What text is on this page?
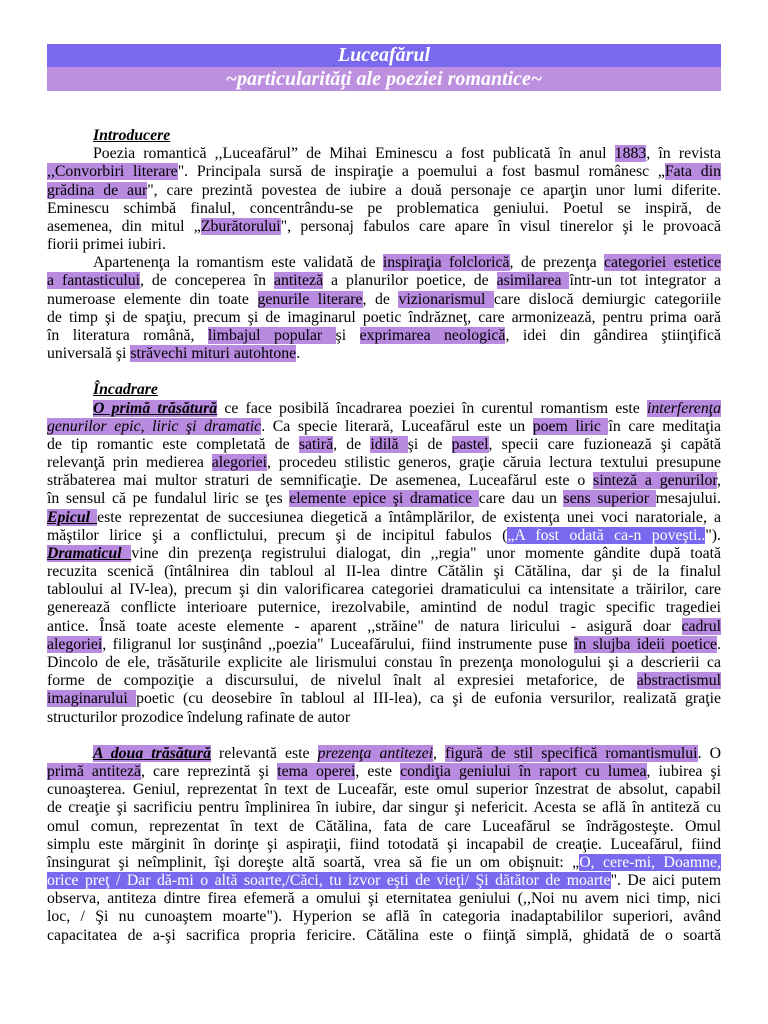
Luceafărul
~particularităţi ale poeziei romantice~
Introducere
Poezia romantică ,,Luceafărul” de Mihai Eminescu a fost publicată în anul 1883, în revista
,,Convorbiri literare". Principala sursă de inspiraţie a poemului a fost basmul românesc „Fata din
grădina de aur", care prezintă povestea de iubire a două personaje ce aparţin unor lumi diferite.
Eminescu schimbă finalul, concentrându-se pe problematica geniului. Poetul se inspiră, de
asemenea, din mitul „Zburătorului", personaj fabulos care apare în visul tinerelor şi le provoacă
fiorii primei iubiri.
Apartenenţa la romantism este validată de inspiraţia folclorică, de prezenţa categoriei estetice
a fantasticului, de conceperea în antiteză a planurilor poetice, de asimilarea într-un tot integrator a
numeroase elemente din toate genurile literare, de vizionarismul care dislocă demiurgic categoriile
de timp şi de spaţiu, precum şi de imaginarul poetic îndrăzneţ, care armonizează, pentru prima oară
în literatura română, limbajul popular şi exprimarea neologică, idei din gândirea ştiinţifică
universală şi străvechi mituri autohtone.
Încadrare
O primă trăsătură ce face posibilă încadrarea poeziei în curentul romantism este interferenţa
genurilor epic, liric şi dramatic. Ca specie literară, Luceafărul este un poem liric în care meditaţia
de tip romantic este completată de satiră, de idilă şi de pastel, specii care fuzionează şi capătă
relevanţă prin medierea alegoriei, procedeu stilistic generos, graţie căruia lectura textului presupune
străbaterea mai multor straturi de semnificaţie. De asemenea, Luceafărul este o sinteză a genurilor,
în sensul că pe fundalul liric se ţes elemente epice şi dramatice care dau un sens superior mesajului.
Epicul este reprezentat de succesiunea diegetică a întâmplărilor, de existenţa unei voci naratoriale, a
măştilor lirice şi a conflictului, precum şi de incipitul fabulos („A fost odată ca-n poveşti..").
Dramaticul vine din prezenţa registrului dialogat, din ,,regia" unor momente gândite după toată
recuzita scenică (întâlnirea din tabloul al II-lea dintre Cătălin şi Cătălina, dar şi de la finalul
tabloului al IV-lea), precum şi din valorificarea categoriei dramaticului ca intensitate a trăirilor, care
generează conflicte interioare puternice, irezolvabile, amintind de nodul tragic specific tragediei
antice. Însă toate aceste elemente - aparent ,,străine" de natura liricului - asigură doar cadrul
alegoriei, filigranul lor susţinând ,,poezia" Luceafărului, fiind instrumente puse în slujba ideii poetice.
Dincolo de ele, trăsăturile explicite ale lirismului constau în prezenţa monologului şi a descrierii ca
forme de compoziţie a discursului, de nivelul înalt al expresiei metaforice, de abstractismul
imaginarului poetic (cu deosebire în tabloul al III-lea), ca şi de eufonia versurilor, realizată graţie
structurilor prozodice îndelung rafinate de autor
A doua trăsătură relevantă este prezenţa antitezei, figură de stil specifică romantismului. O
primă antiteză, care reprezintă şi tema operei, este condiţia geniului în raport cu lumea, iubirea şi
cunoaşterea. Geniul, reprezentat în text de Luceafăr, este omul superior înzestrat de absolut, capabil
de creaţie şi sacrificiu pentru împlinirea în iubire, dar singur şi nefericit. Acesta se află în antiteză cu
omul comun, reprezentat în text de Cătălina, fata de care Luceafărul se îndrăgosteşte. Omul
simplu este mărginit în dorinţe şi aspiraţii, fiind totodată şi incapabil de creaţie. Luceafărul, fiind
însingurat şi neîmplinit, îşi doreşte altă soartă, vrea să fie un om obişnuit: „O, cere-mi, Doamne,
orice preţ / Dar dă-mi o altă soarte,/Căci, tu izvor eşti de vieţi/ Şi dătător de moarte". De aici putem
observa, antiteza dintre firea efemeră a omului şi eternitatea geniului (,,Noi nu avem nici timp, nici
loc, / Şi nu cunoaştem moarte"). Hyperion se află în categoria inadaptabililor superiori, având
capacitatea de a-şi sacrifica propria fericire. Cătălina este o fiinţă simplă, ghidată de o soartă
